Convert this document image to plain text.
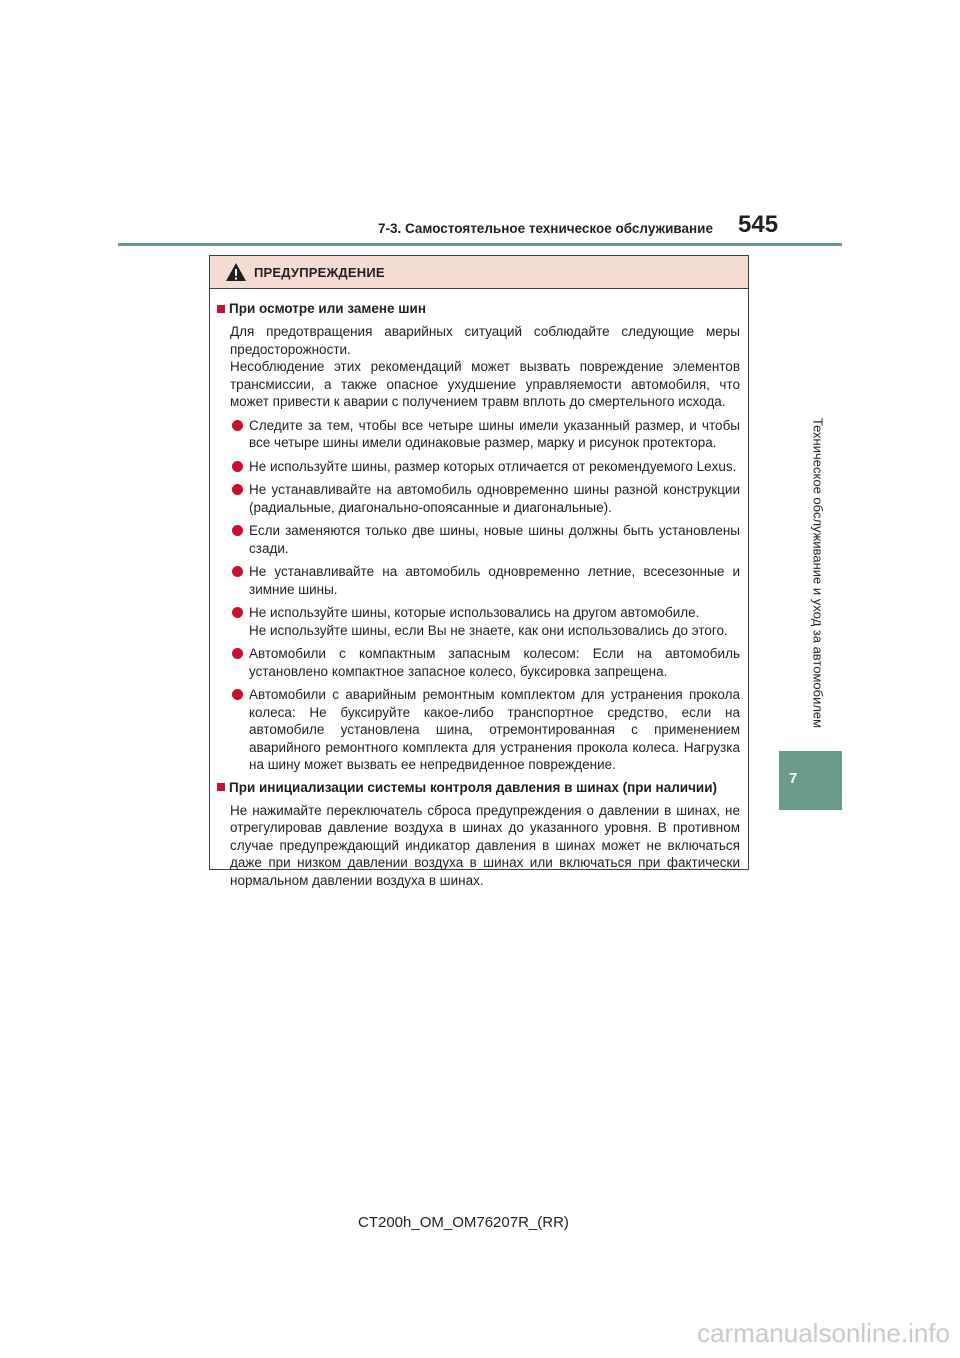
7-3. Самостоятельное техническое обслуживание 545
Техническое обслуживание и уход за автомобилем
7
ПРЕДУПРЕЖДЕНИЕ
При осмотре или замене шин
Для предотвращения аварийных ситуаций соблюдайте следующие меры предосторожности.
Несоблюдение этих рекомендаций может вызвать повреждение элементов трансмиссии, а также опасное ухудшение управляемости автомобиля, что может привести к аварии с получением травм вплоть до смертельного исхода.
Следите за тем, чтобы все четыре шины имели указанный размер, и чтобы все четыре шины имели одинаковые размер, марку и рисунок протектора.
Не используйте шины, размер которых отличается от рекомендуемого Lexus.
Не устанавливайте на автомобиль одновременно шины разной конструкции (радиальные, диагонально-опоясанные и диагональные).
Если заменяются только две шины, новые шины должны быть установлены сзади.
Не устанавливайте на автомобиль одновременно летние, всесезонные и зимние шины.
Не используйте шины, которые использовались на другом автомобиле.
Не используйте шины, если Вы не знаете, как они использовались до этого.
Автомобили с компактным запасным колесом: Если на автомобиль установлено компактное запасное колесо, буксировка запрещена.
Автомобили с аварийным ремонтным комплектом для устранения прокола колеса: Не буксируйте какое-либо транспортное средство, если на автомобиле установлена шина, отремонтированная с применением аварийного ремонтного комплекта для устранения прокола колеса. Нагрузка на шину может вызвать ее непредвиденное повреждение.
При инициализации системы контроля давления в шинах (при наличии)
Не нажимайте переключатель сброса предупреждения о давлении в шинах, не отрегулировав давление воздуха в шинах до указанного уровня. В противном случае предупреждающий индикатор давления в шинах может не включаться даже при низком давлении воздуха в шинах или включаться при фактически нормальном давлении воздуха в шинах.
CT200h_OM_OM76207R_(RR)
carmanualsonline.info
